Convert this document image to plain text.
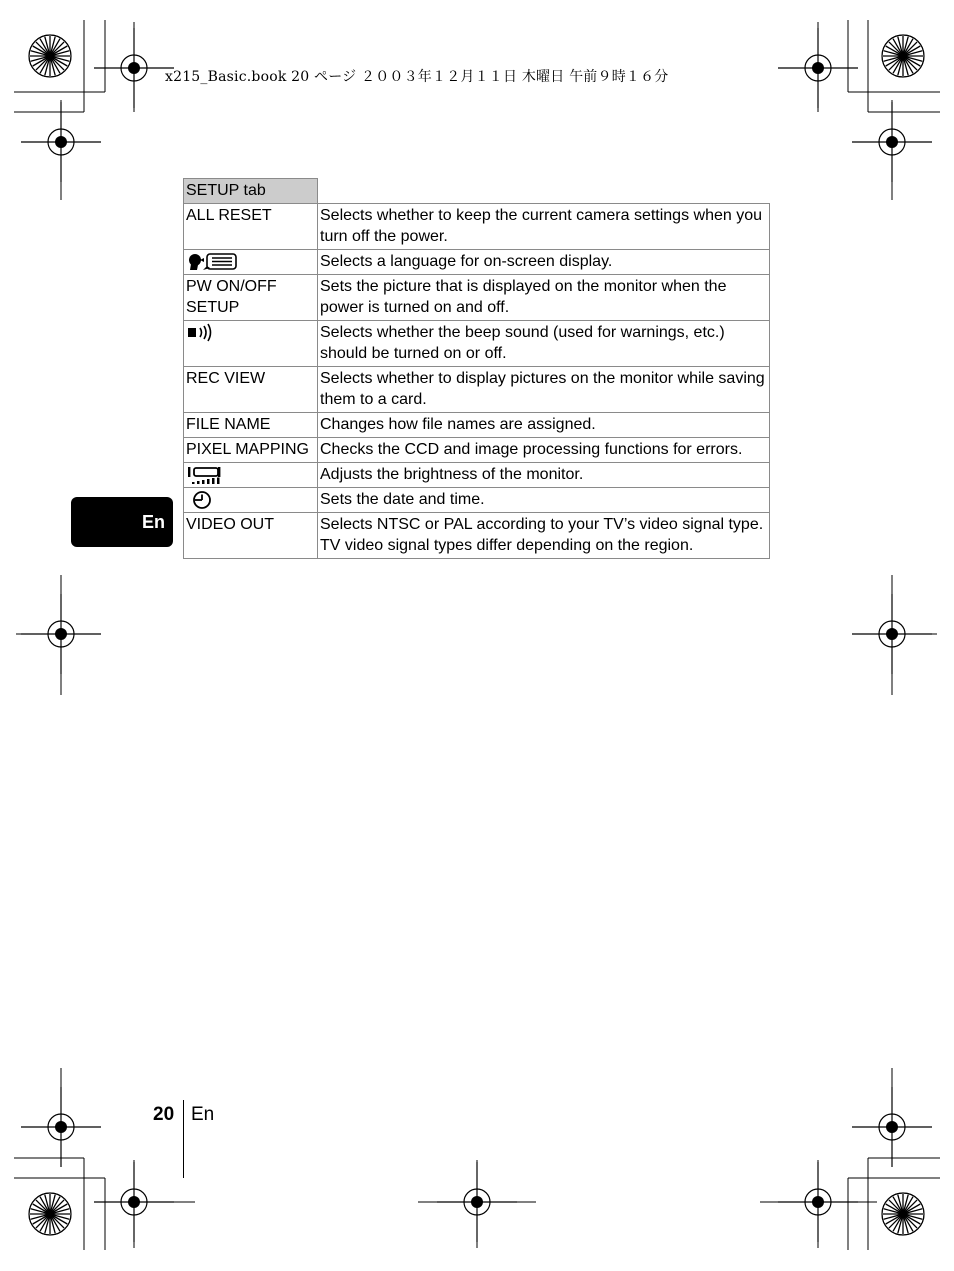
x215_Basic.book 20 ページ ２００３年１２月１１日 木曜日 午前９時１６分
En
SETUP tab	
ALL RESET	Selects whether to keep the current camera settings when you turn off the power.

	Selects a language for on-screen display.
PW ON/OFF SETUP	Sets the picture that is displayed on the monitor when the power is turned on and off.

	Selects whether the beep sound (used for warnings, etc.) should be turned on or off.
REC VIEW	Selects whether to display pictures on the monitor while saving them to a card.
FILE NAME	Changes how file names are assigned.
PIXEL MAPPING	Checks the CCD and image processing functions for errors.

	Adjusts the brightness of the monitor.

	Sets the date and time.
VIDEO OUT	Selects NTSC or PAL according to your TV’s video signal type. TV video signal types differ depending on the region.
20 En
